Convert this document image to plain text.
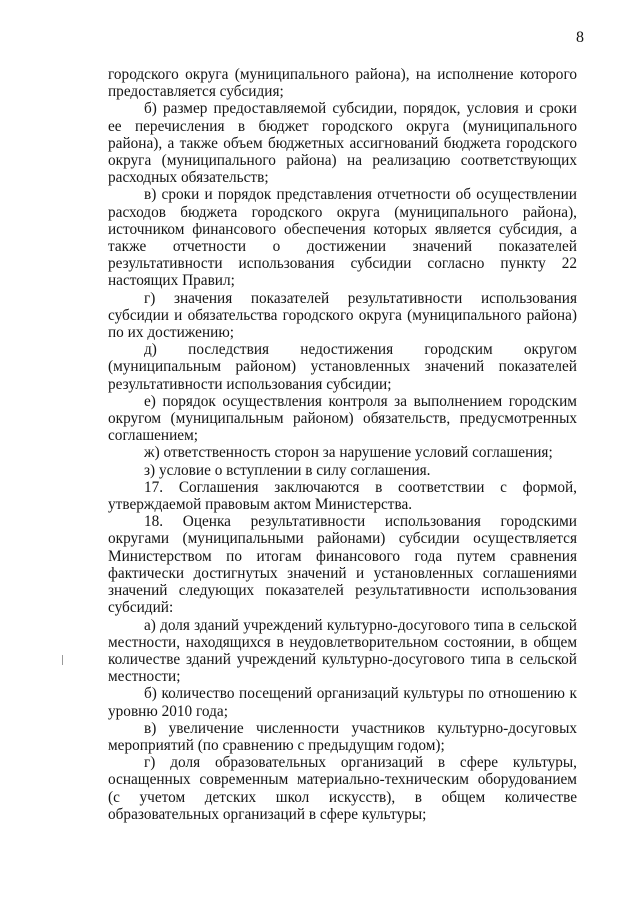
8

городского округа (муниципального района), на исполнение которого предоставляется субсидия;

б) размер предоставляемой субсидии, порядок, условия и сроки ее перечисления в бюджет городского округа (муниципального района), а также объем бюджетных ассигнований бюджета городского округа (муниципального района) на реализацию соответствующих расходных обязательств;

в) сроки и порядок представления отчетности об осуществлении расходов бюджета городского округа (муниципального района), источником финансового обеспечения которых является субсидия, а также отчетности о достижении значений показателей результативности использования субсидии согласно пункту 22 настоящих Правил;

г) значения показателей результативности использования субсидии и обязательства городского округа (муниципального района) по их достижению;

д) последствия недостижения городским округом (муниципальным районом) установленных значений показателей результативности использования субсидии;

е) порядок осуществления контроля за выполнением городским округом (муниципальным районом) обязательств, предусмотренных соглашением;

ж) ответственность сторон за нарушение условий соглашения;

з) условие о вступлении в силу соглашения.

17. Соглашения заключаются в соответствии с формой, утверждаемой правовым актом Министерства.

18. Оценка результативности использования городскими округами (муниципальными районами) субсидии осуществляется Министерством по итогам финансового года путем сравнения фактически достигнутых значений и установленных соглашениями значений следующих показателей результативности использования субсидий:

а) доля зданий учреждений культурно-досугового типа в сельской местности, находящихся в неудовлетворительном состоянии, в общем количестве зданий учреждений культурно-досугового типа в сельской местности;

б) количество посещений организаций культуры по отношению к уровню 2010 года;

в) увеличение численности участников культурно-досуговых мероприятий (по сравнению с предыдущим годом);

г) доля образовательных организаций в сфере культуры, оснащенных современным материально-техническим оборудованием (с учетом детских школ искусств), в общем количестве образовательных организаций в сфере культуры;
